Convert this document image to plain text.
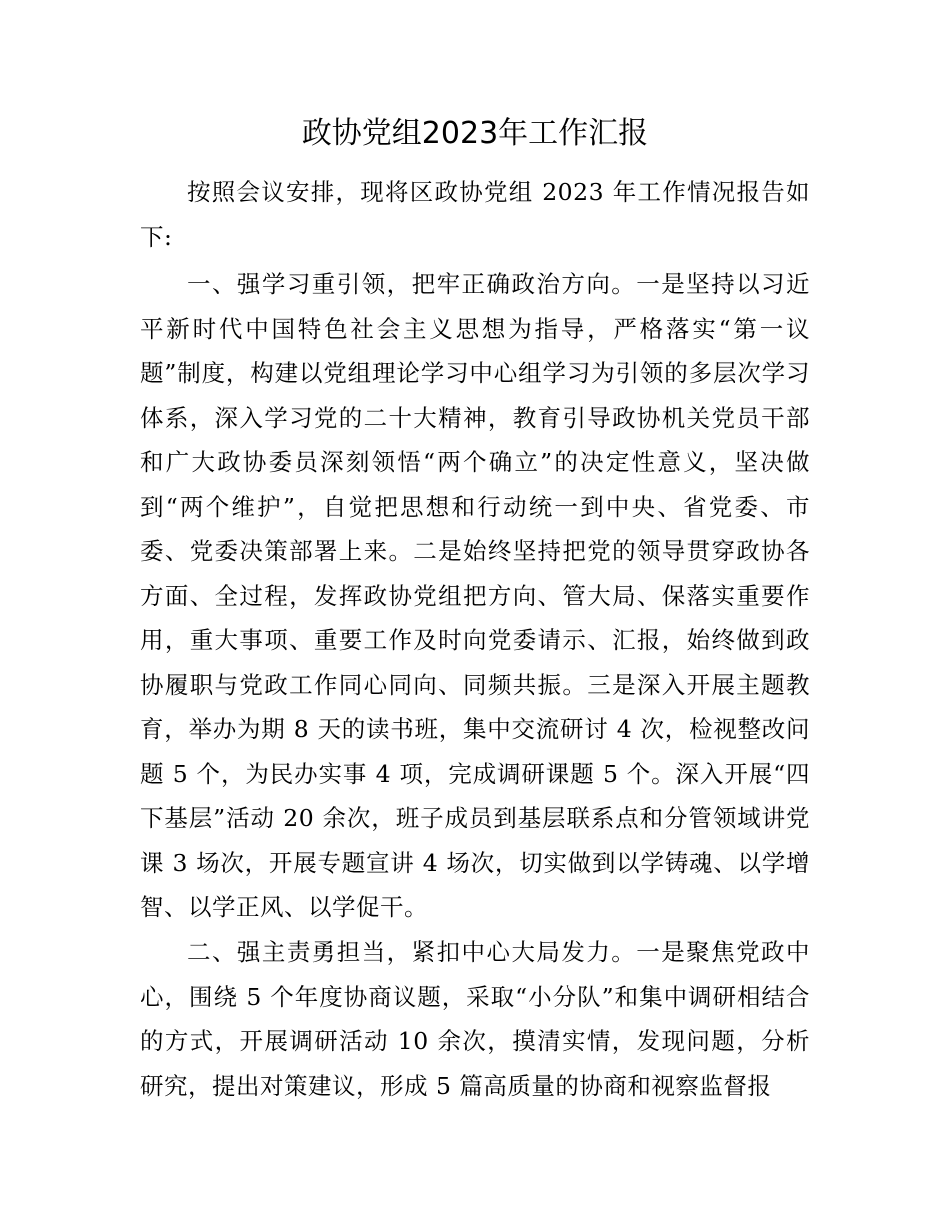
政协党组2023年工作汇报

按照会议安排，现将区政协党组 2023 年工作情况报告如下:

一、强学习重引领，把牢正确政治方向。一是坚持以习近平新时代中国特色社会主义思想为指导，严格落实“第一议题”制度，构建以党组理论学习中心组学习为引领的多层次学习体系，深入学习党的二十大精神，教育引导政协机关党员干部和广大政协委员深刻领悟“两个确立”的决定性意义，坚决做到“两个维护”，自觉把思想和行动统一到中央、省党委、市委、党委决策部署上来。二是始终坚持把党的领导贯穿政协各方面、全过程，发挥政协党组把方向、管大局、保落实重要作用，重大事项、重要工作及时向党委请示、汇报，始终做到政协履职与党政工作同心同向、同频共振。三是深入开展主题教育，举办为期 8 天的读书班，集中交流研讨 4 次，检视整改问题 5 个，为民办实事 4 项，完成调研课题 5 个。深入开展“四下基层”活动 20 余次，班子成员到基层联系点和分管领域讲党课 3 场次，开展专题宣讲 4 场次，切实做到以学铸魂、以学增智、以学正风、以学促干。

二、强主责勇担当，紧扣中心大局发力。一是聚焦党政中心，围绕 5 个年度协商议题，采取“小分队”和集中调研相结合的方式，开展调研活动 10 余次，摸清实情，发现问题，分析研究，提出对策建议，形成 5 篇高质量的协商和视察监督报
